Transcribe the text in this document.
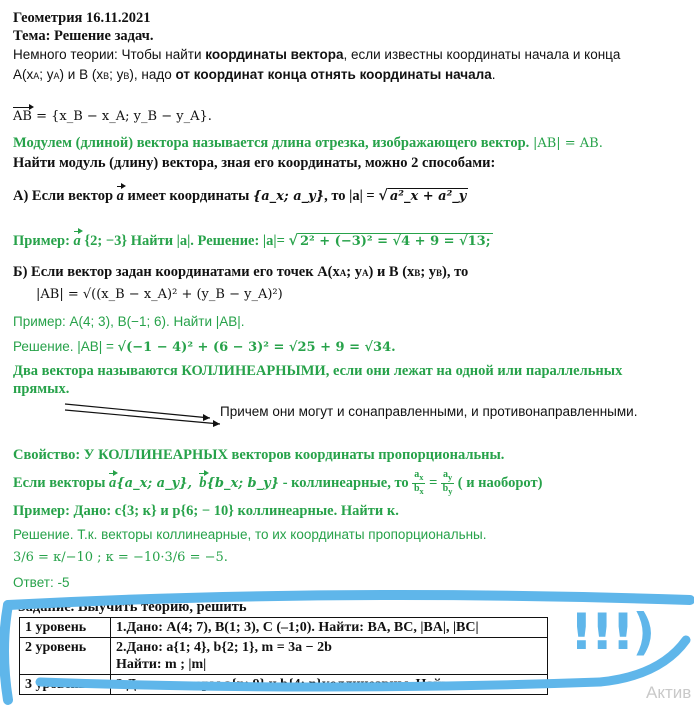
Геометрия 16.11.2021
Тема: Решение задач.
Немного теории: Чтобы найти координаты вектора, если известны координаты начала и конца
A(xA; yA) и B (xB; yB), надо от координат конца отнять координаты начала.
AB = {x_B − x_A; y_B − y_A}.
Модулем (длиной) вектора называется длина отрезка, изображающего вектор. |AB| = AB.
Найти модуль (длину) вектора, зная его координаты, можно 2 способами:
А) Если вектор a имеет координаты {a_x; a_y}, то |a| = √ a²_x + a²_y
Пример: a {2; −3} Найти |a|. Решение: |a|= √ 2² + (−3)² = √4 + 9 = √13;
Б) Если вектор задан координатами его точек A(xA; yA) и B (xB; yB), то
|AB| = √((x_B − x_A)² + (y_B − y_A)²)
Пример: A(4; 3), B(−1; 6). Найти |AB|.
Решение. |AB| = √(−1 − 4)² + (6 − 3)² = √25 + 9 = √34.
Два вектора называются КОЛЛИНЕАРНЫМИ, если они лежат на одной или параллельных
прямых.
Причем они могут и сонаправленными, и противонаправленными.
Свойство: У КОЛЛИНЕАРНЫХ векторов координаты пропорциональны.
Если векторы a{a_x; a_y}, b{b_x; b_y} - коллинеарные, то $\frac{a_x}{b_x} = \frac{a_y}{b_y}$ ( и наоборот)
Пример: Дано: c{3; к} и p{6; − 10} коллинеарные. Найти к.
Решение. Т.к. векторы коллинеарные, то их координаты пропорциональны.
3/6 = к/−10 ; к = −10·3/6 = −5.
Ответ: -5
Задание. Выучить теорию, решить
1 уровень	1.Дано: A(4; 7), B(1; 3), C (–1;0). Найти: BA, BC, |BA|, |BC|
2 уровень	2.Дано: a{1; 4}, b{2; 1}, m = 3a − 2b
Найти: m ; |m|

3 уровень	3.Дано: векторы a{n; 9} и b{4; n}коллинеарны. Найти n
!!!)
Актив
